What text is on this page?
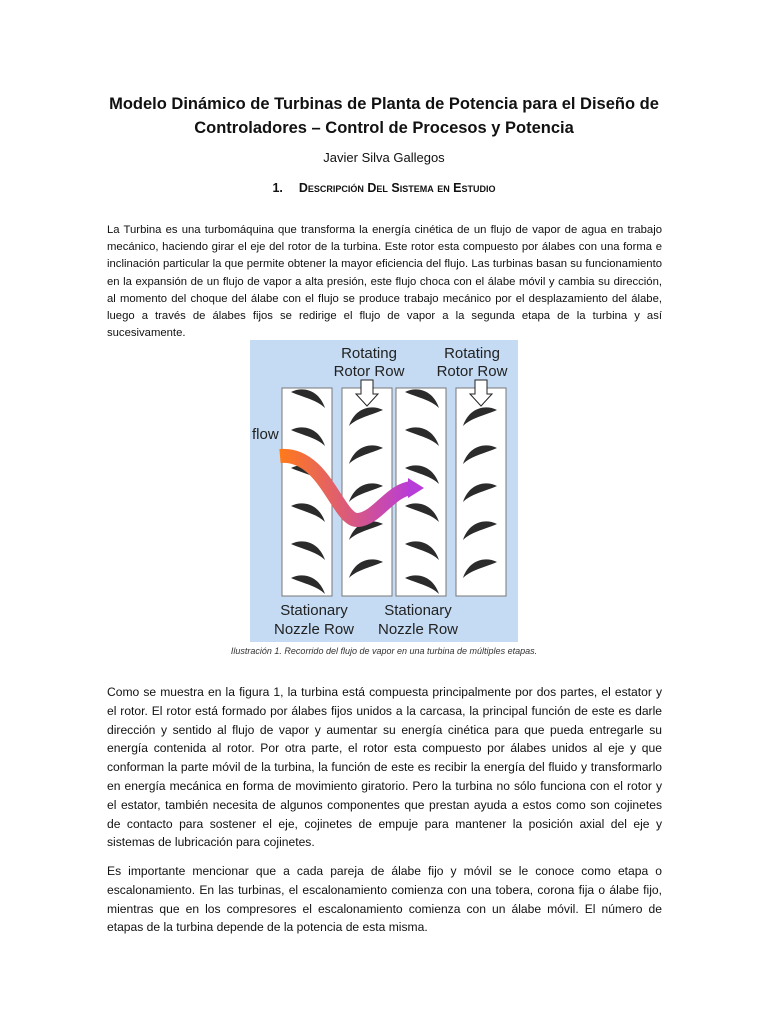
Modelo Dinámico de Turbinas de Planta de Potencia para el Diseño de Controladores – Control de Procesos y Potencia
Javier Silva Gallegos
1. Descripción Del Sistema en Estudio

La Turbina es una turbomáquina que transforma la energía cinética de un flujo de vapor de agua en trabajo mecánico, haciendo girar el eje del rotor de la turbina. Este rotor esta compuesto por álabes con una forma e inclinación particular la que permite obtener la mayor eficiencia del flujo. Las turbinas basan su funcionamiento en la expansión de un flujo de vapor a alta presión, este flujo choca con el álabe móvil y cambia su dirección, al momento del choque del álabe con el flujo se produce trabajo mecánico por el desplazamiento del álabe, luego a través de álabes fijos se redirige el flujo de vapor a la segunda etapa de la turbina y así sucesivamente.

Rotating
Rotor Row
Rotating
Rotor Row
flow
Stationary
Nozzle Row
Stationary
Nozzle Row
Ilustración 1. Recorrido del flujo de vapor en una turbina de múltiples etapas.

Como se muestra en la figura 1, la turbina está compuesta principalmente por dos partes, el estator y el rotor. El rotor está formado por álabes fijos unidos a la carcasa, la principal función de este es darle dirección y sentido al flujo de vapor y aumentar su energía cinética para que pueda entregarle su energía contenida al rotor. Por otra parte, el rotor esta compuesto por álabes unidos al eje y que conforman la parte móvil de la turbina, la función de este es recibir la energía del fluido y transformarlo en energía mecánica en forma de movimiento giratorio. Pero la turbina no sólo funciona con el rotor y el estator, también necesita de algunos componentes que prestan ayuda a estos como son cojinetes de contacto para sostener el eje, cojinetes de empuje para mantener la posición axial del eje y sistemas de lubricación para cojinetes.

Es importante mencionar que a cada pareja de álabe fijo y móvil se le conoce como etapa o escalonamiento. En las turbinas, el escalonamiento comienza con una tobera, corona fija o álabe fijo, mientras que en los compresores el escalonamiento comienza con un álabe móvil. El número de etapas de la turbina depende de la potencia de esta misma.
